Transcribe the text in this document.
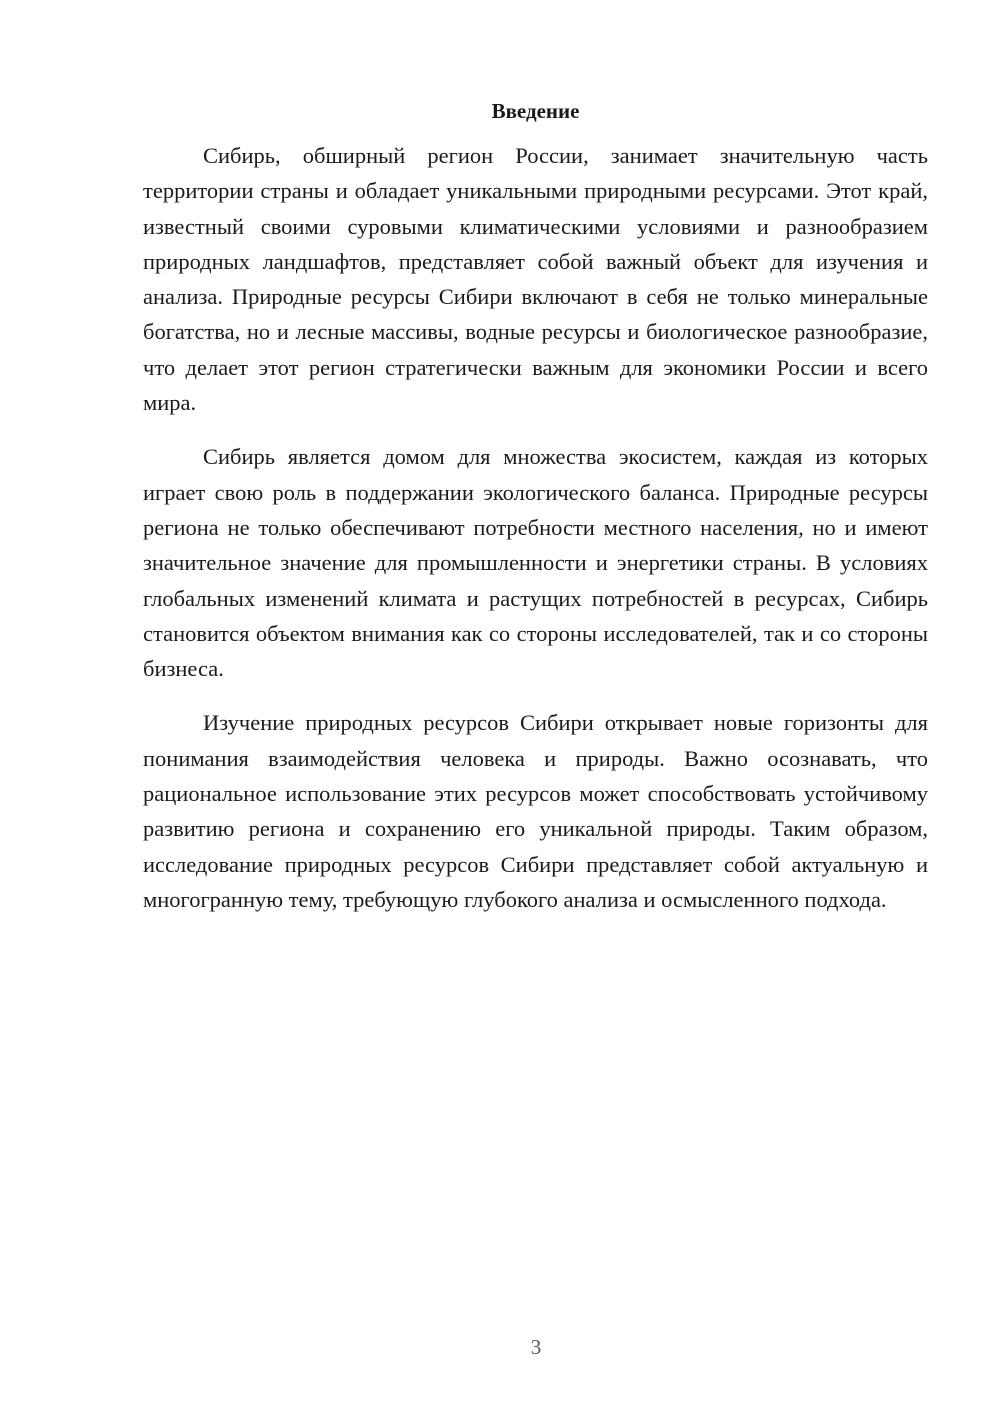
Введение

Сибирь, обширный регион России, занимает значительную часть территории страны и обладает уникальными природными ресурсами. Этот край, известный своими суровыми климатическими условиями и разнообразием природных ландшафтов, представляет собой важный объект для изучения и анализа. Природные ресурсы Сибири включают в себя не только минеральные богатства, но и лесные массивы, водные ресурсы и биологическое разнообразие, что делает этот регион стратегически важным для экономики России и всего мира.

Сибирь является домом для множества экосистем, каждая из которых играет свою роль в поддержании экологического баланса. Природные ресурсы региона не только обеспечивают потребности местного населения, но и имеют значительное значение для промышленности и энергетики страны. В условиях глобальных изменений климата и растущих потребностей в ресурсах, Сибирь становится объектом внимания как со стороны исследователей, так и со стороны бизнеса.

Изучение природных ресурсов Сибири открывает новые горизонты для понимания взаимодействия человека и природы. Важно осознавать, что рациональное использование этих ресурсов может способствовать устойчивому развитию региона и сохранению его уникальной природы. Таким образом, исследование природных ресурсов Сибири представляет собой актуальную и многогранную тему, требующую глубокого анализа и осмысленного подхода.

3
